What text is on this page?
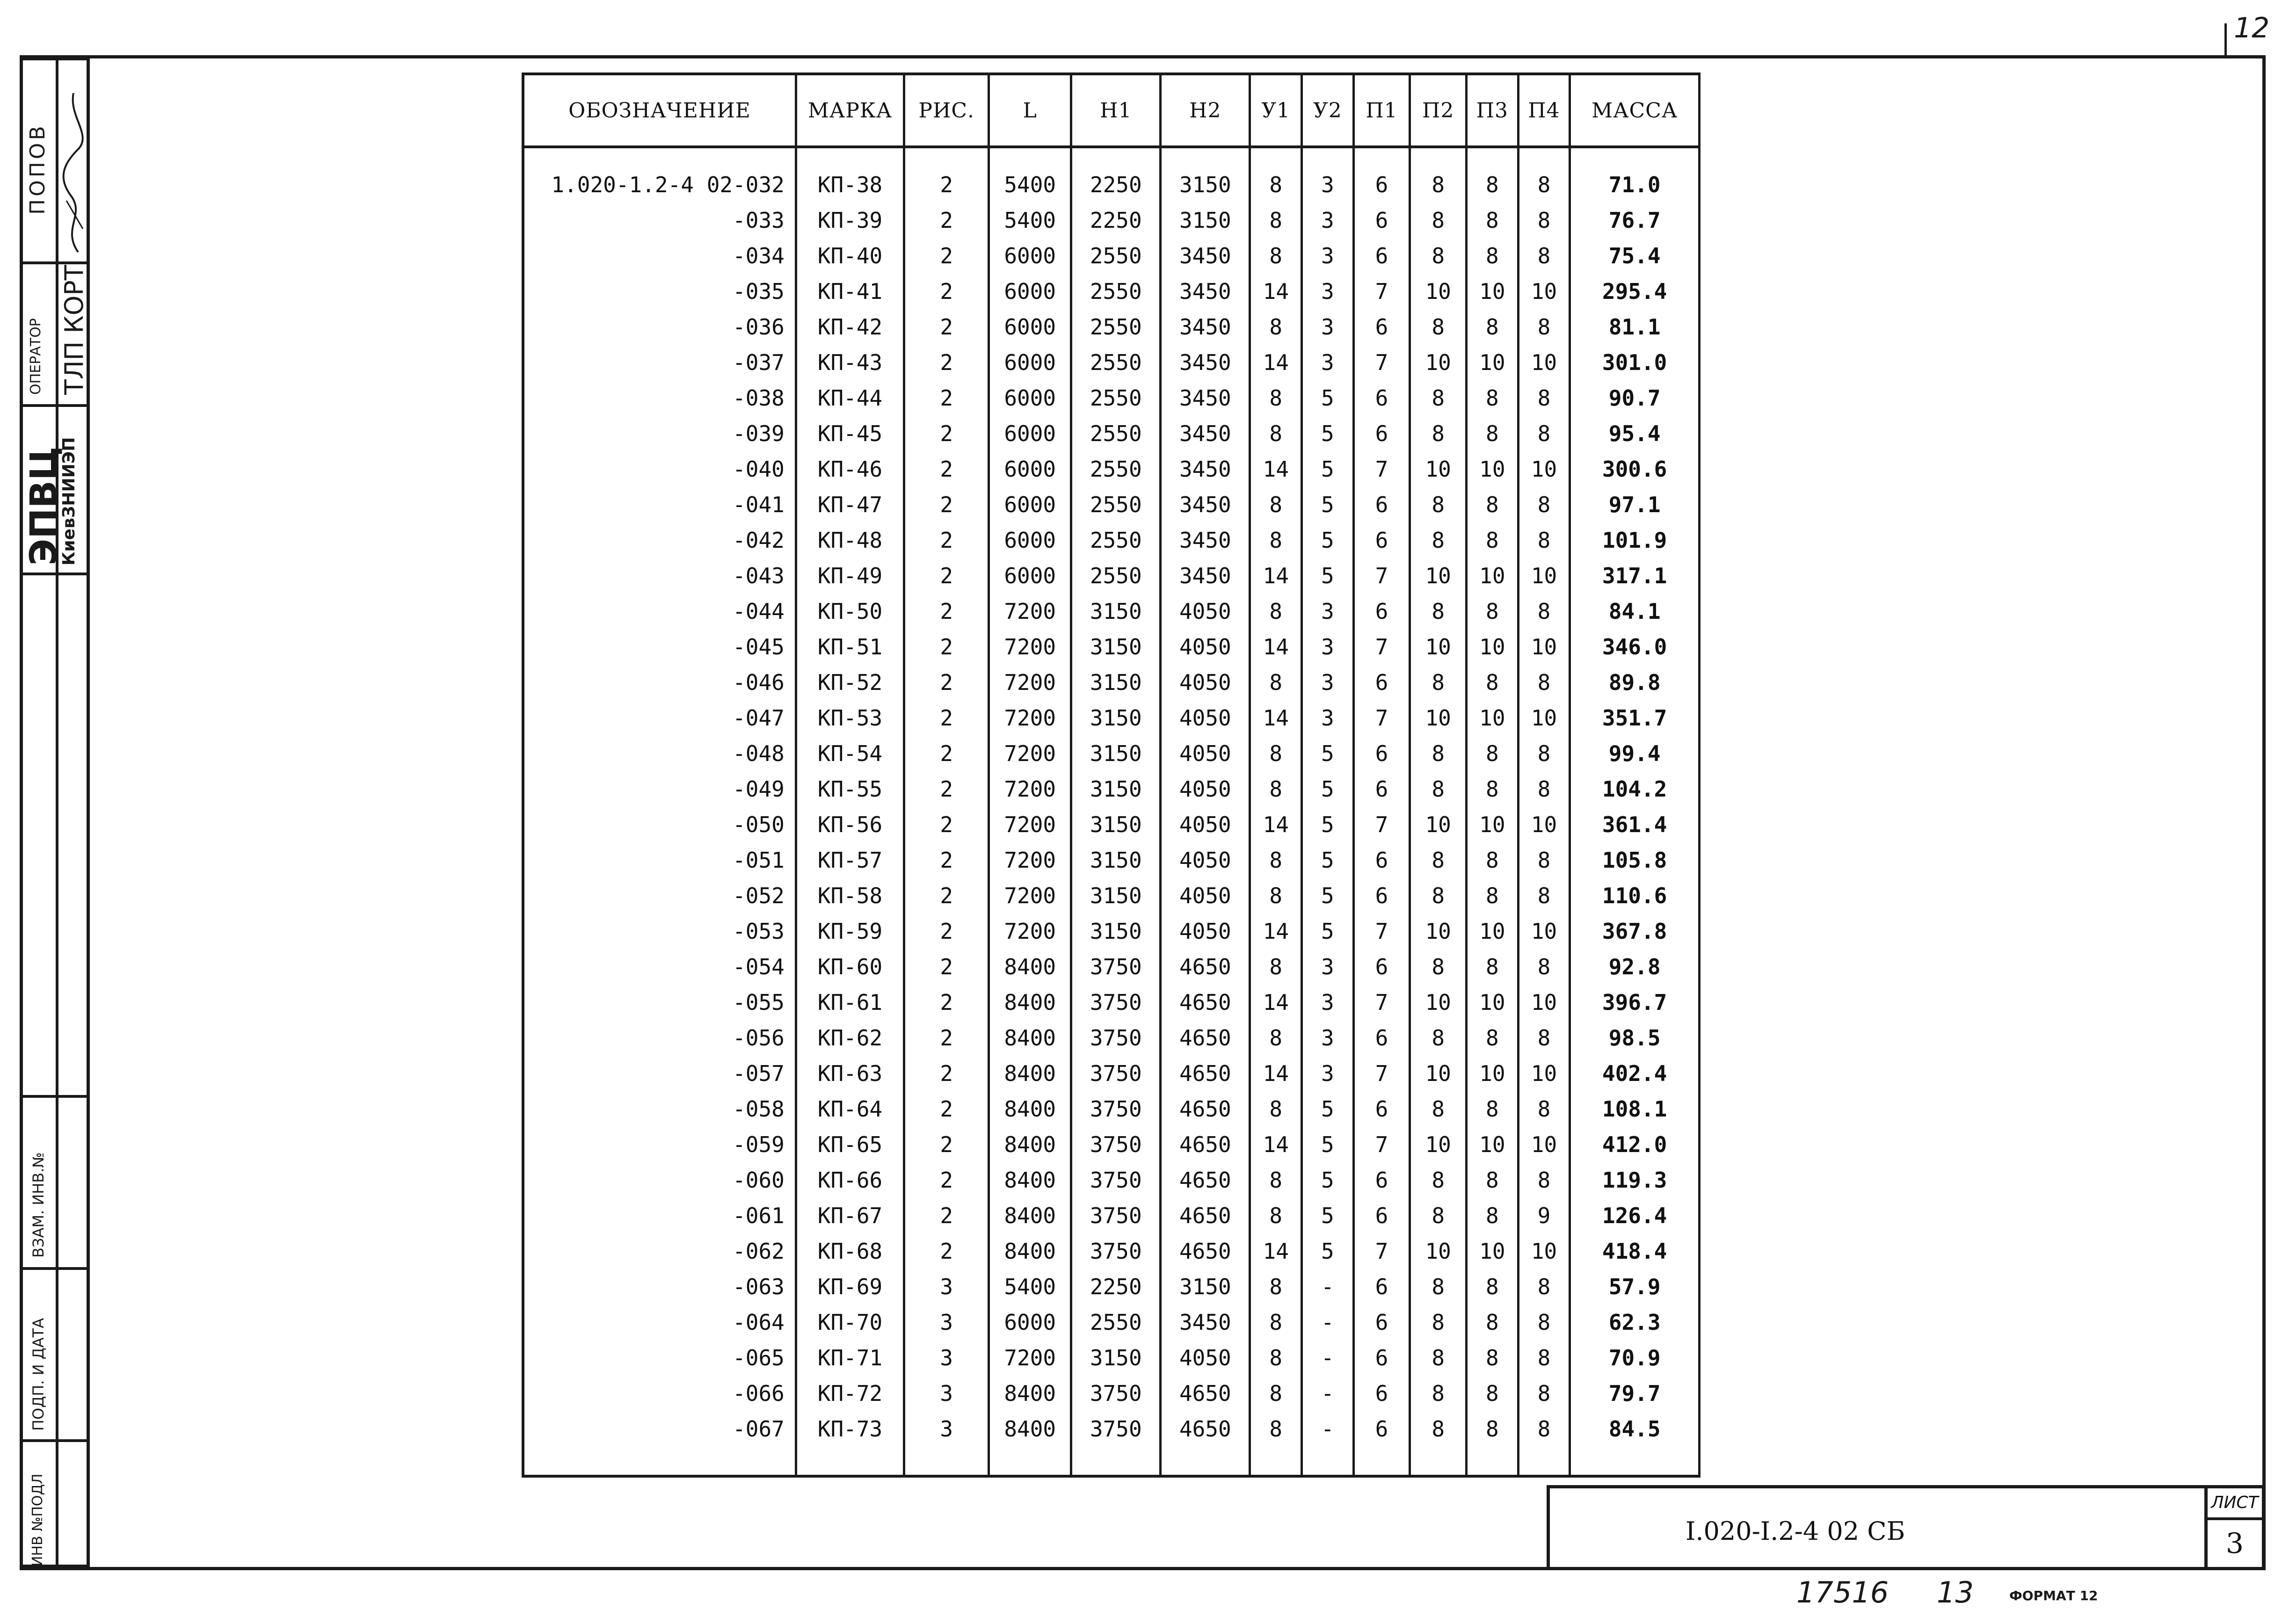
12
ПОПОВ
ОПЕРАТОР ТЛП КОРТ
ЭПВЦ
КиевЗНИИЭП
ВЗАМ. ИНВ.№
ПОДП. И ДАТА
ИНВ №ПОДЛ
ОБОЗНАЧЕНИЕ	МАРКА	РИС.	L	Н1	Н2	У1	У2	П1	П2	П3	П4	МАССА

1.020-1.2-4 02-032	КП-38	2	5400	2250	3150	8	3	6	8	8	8	71.0
-033	КП-39	2	5400	2250	3150	8	3	6	8	8	8	76.7
-034	КП-40	2	6000	2550	3450	8	3	6	8	8	8	75.4
-035	КП-41	2	6000	2550	3450	14	3	7	10	10	10	295.4
-036	КП-42	2	6000	2550	3450	8	3	6	8	8	8	81.1
-037	КП-43	2	6000	2550	3450	14	3	7	10	10	10	301.0
-038	КП-44	2	6000	2550	3450	8	5	6	8	8	8	90.7
-039	КП-45	2	6000	2550	3450	8	5	6	8	8	8	95.4
-040	КП-46	2	6000	2550	3450	14	5	7	10	10	10	300.6
-041	КП-47	2	6000	2550	3450	8	5	6	8	8	8	97.1
-042	КП-48	2	6000	2550	3450	8	5	6	8	8	8	101.9
-043	КП-49	2	6000	2550	3450	14	5	7	10	10	10	317.1
-044	КП-50	2	7200	3150	4050	8	3	6	8	8	8	84.1
-045	КП-51	2	7200	3150	4050	14	3	7	10	10	10	346.0
-046	КП-52	2	7200	3150	4050	8	3	6	8	8	8	89.8
-047	КП-53	2	7200	3150	4050	14	3	7	10	10	10	351.7
-048	КП-54	2	7200	3150	4050	8	5	6	8	8	8	99.4
-049	КП-55	2	7200	3150	4050	8	5	6	8	8	8	104.2
-050	КП-56	2	7200	3150	4050	14	5	7	10	10	10	361.4
-051	КП-57	2	7200	3150	4050	8	5	6	8	8	8	105.8
-052	КП-58	2	7200	3150	4050	8	5	6	8	8	8	110.6
-053	КП-59	2	7200	3150	4050	14	5	7	10	10	10	367.8
-054	КП-60	2	8400	3750	4650	8	3	6	8	8	8	92.8
-055	КП-61	2	8400	3750	4650	14	3	7	10	10	10	396.7
-056	КП-62	2	8400	3750	4650	8	3	6	8	8	8	98.5
-057	КП-63	2	8400	3750	4650	14	3	7	10	10	10	402.4
-058	КП-64	2	8400	3750	4650	8	5	6	8	8	8	108.1
-059	КП-65	2	8400	3750	4650	14	5	7	10	10	10	412.0
-060	КП-66	2	8400	3750	4650	8	5	6	8	8	8	119.3
-061	КП-67	2	8400	3750	4650	8	5	6	8	8	9	126.4
-062	КП-68	2	8400	3750	4650	14	5	7	10	10	10	418.4
-063	КП-69	3	5400	2250	3150	8	-	6	8	8	8	57.9
-064	КП-70	3	6000	2550	3450	8	-	6	8	8	8	62.3
-065	КП-71	3	7200	3150	4050	8	-	6	8	8	8	70.9
-066	КП-72	3	8400	3750	4650	8	-	6	8	8	8	79.7
-067	КП-73	3	8400	3750	4650	8	-	6	8	8	8	84.5

I.020-I.2-4 02 СБ
ЛИСТ
3
17516 13	ФОРМАТ 12
